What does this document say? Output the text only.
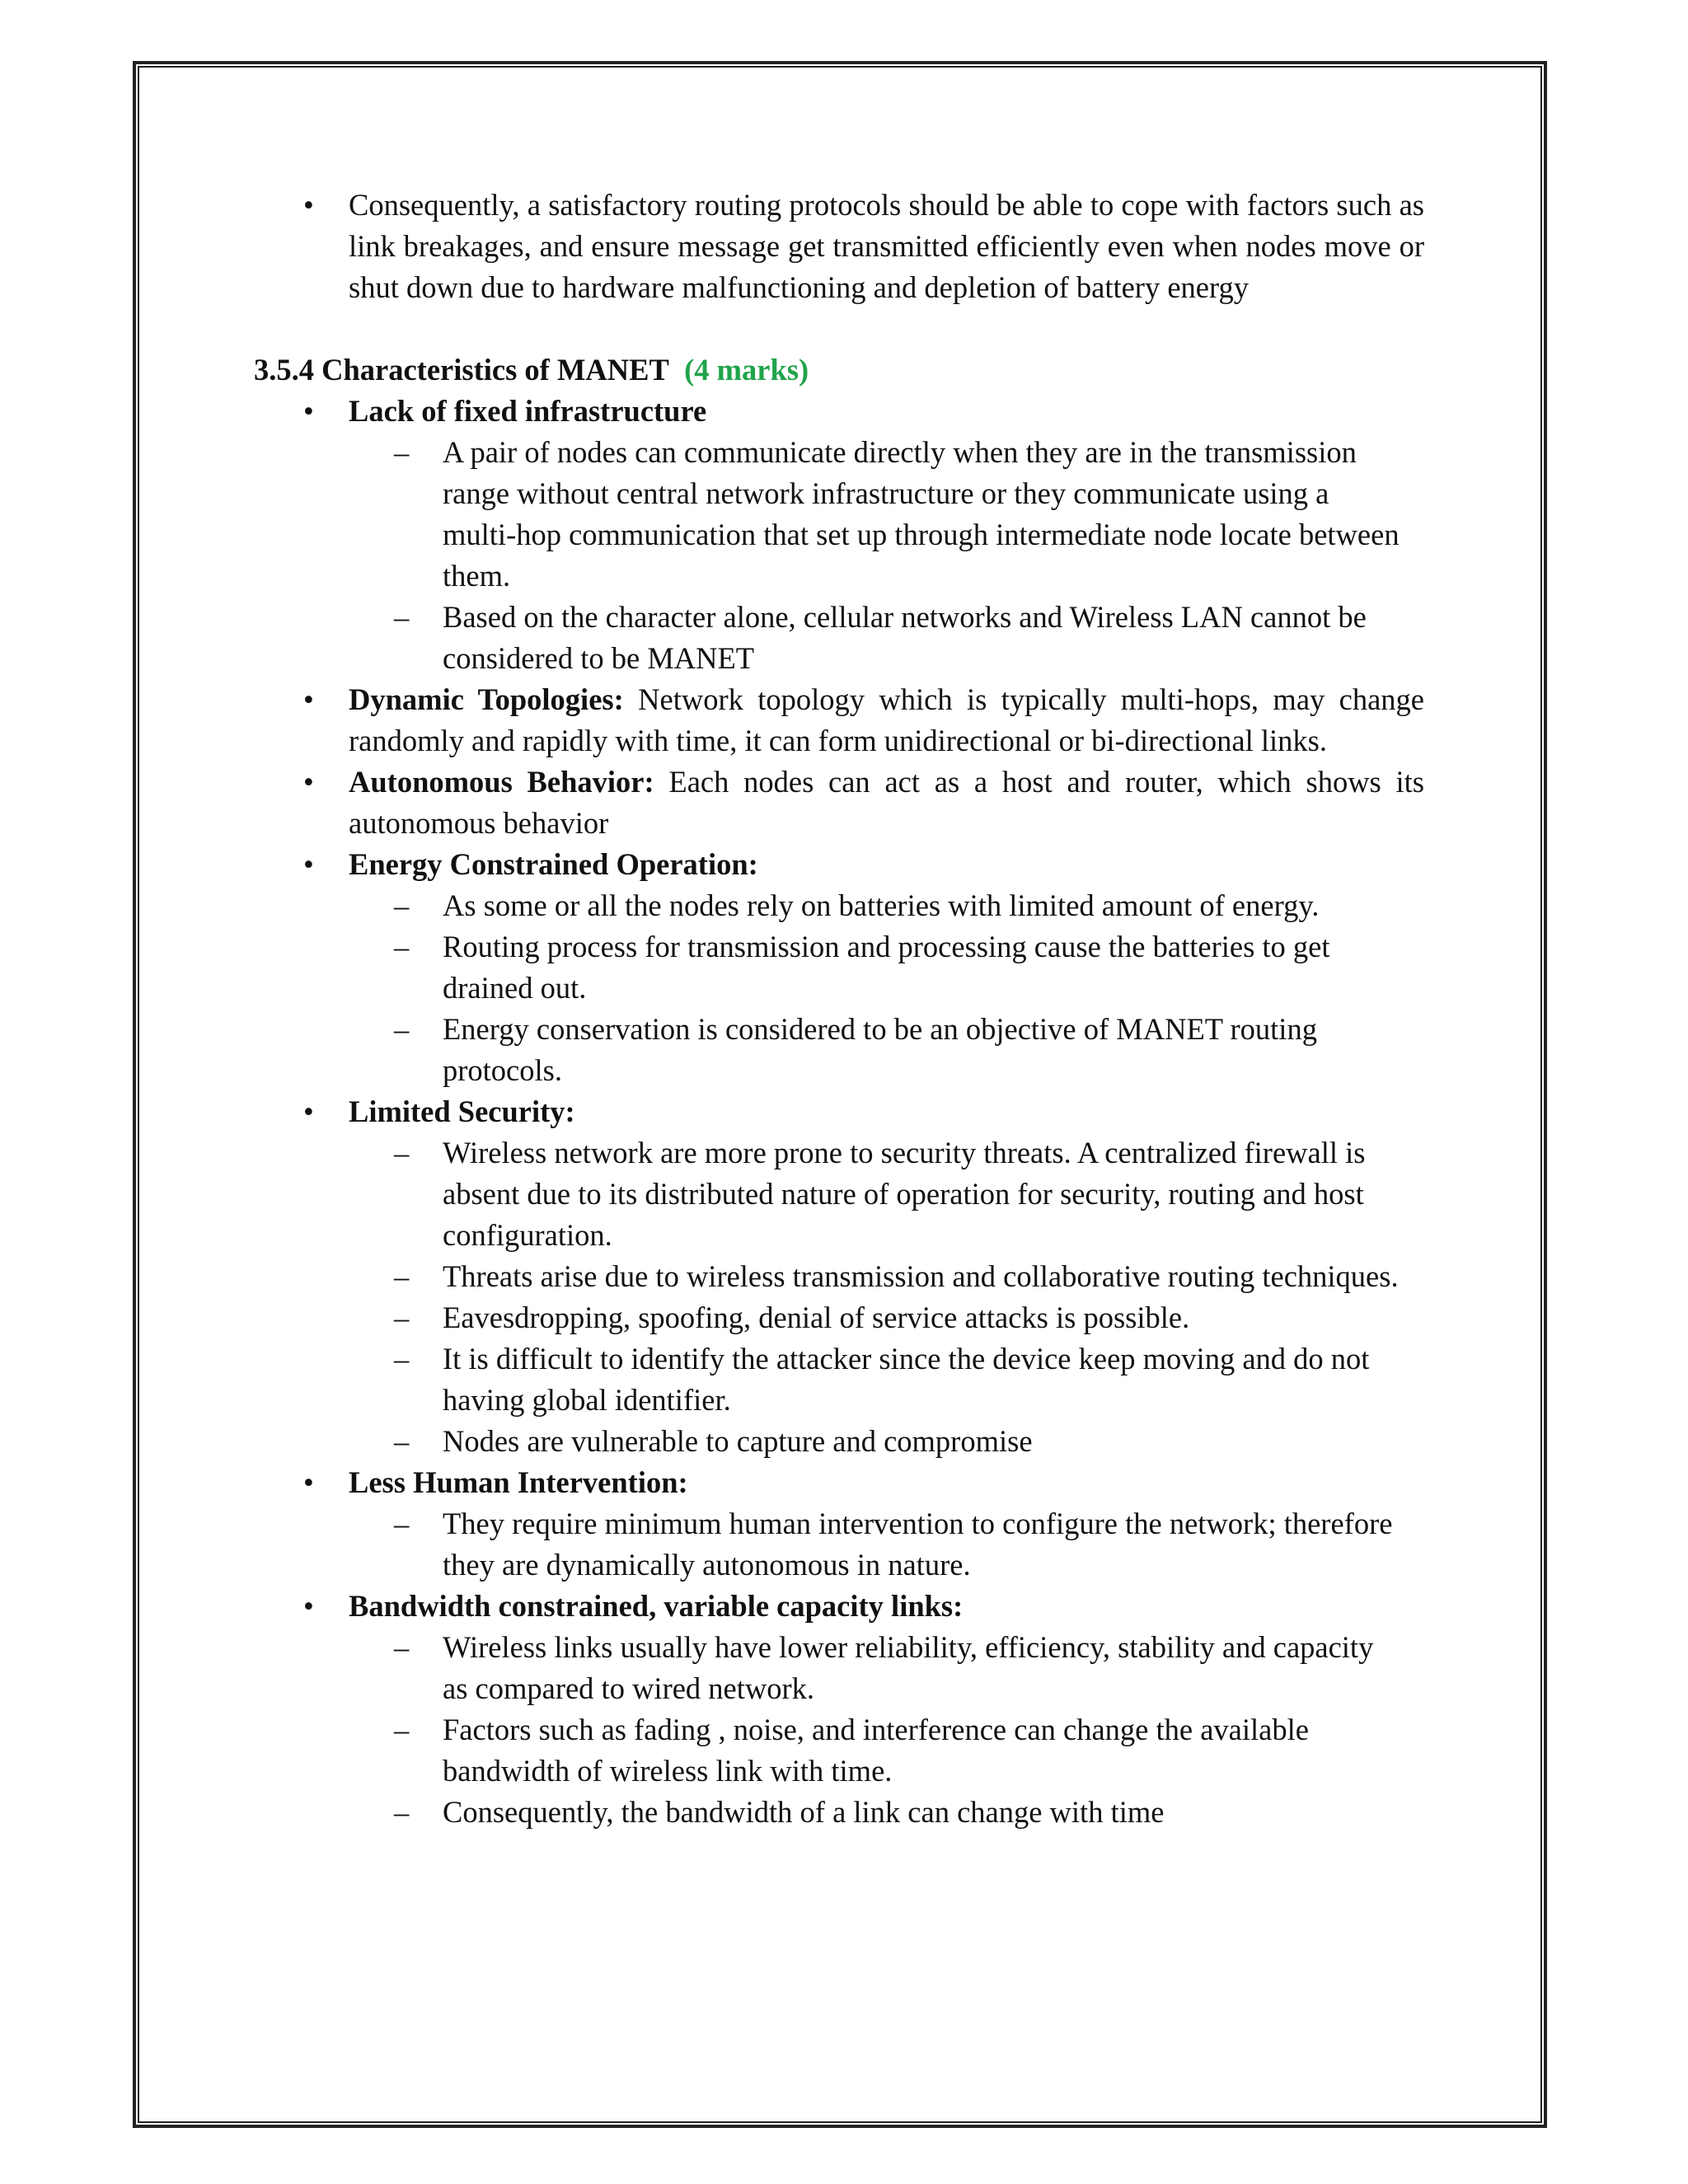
• Consequently, a satisfactory routing protocols should be able to cope with factors such as link breakages, and ensure message get transmitted efficiently even when nodes move or shut down due to hardware malfunctioning and depletion of battery energy
3.5.4 Characteristics of MANET (4 marks)
• Lack of fixed infrastructure
– A pair of nodes can communicate directly when they are in the transmission range without central network infrastructure or they communicate using a multi-hop communication that set up through intermediate node locate between them.
– Based on the character alone, cellular networks and Wireless LAN cannot be considered to be MANET
• Dynamic Topologies: Network topology which is typically multi-hops, may change randomly and rapidly with time, it can form unidirectional or bi-directional links.
• Autonomous Behavior: Each nodes can act as a host and router, which shows its autonomous behavior
• Energy Constrained Operation:
– As some or all the nodes rely on batteries with limited amount of energy.
– Routing process for transmission and processing cause the batteries to get drained out.
– Energy conservation is considered to be an objective of MANET routing protocols.
• Limited Security:
– Wireless network are more prone to security threats. A centralized firewall is absent due to its distributed nature of operation for security, routing and host configuration.
– Threats arise due to wireless transmission and collaborative routing techniques.
– Eavesdropping, spoofing, denial of service attacks is possible.
– It is difficult to identify the attacker since the device keep moving and do not having global identifier.
– Nodes are vulnerable to capture and compromise
• Less Human Intervention:
– They require minimum human intervention to configure the network; therefore they are dynamically autonomous in nature.
• Bandwidth constrained, variable capacity links:
– Wireless links usually have lower reliability, efficiency, stability and capacity as compared to wired network.
– Factors such as fading , noise, and interference can change the available bandwidth of wireless link with time.
– Consequently, the bandwidth of a link can change with time
